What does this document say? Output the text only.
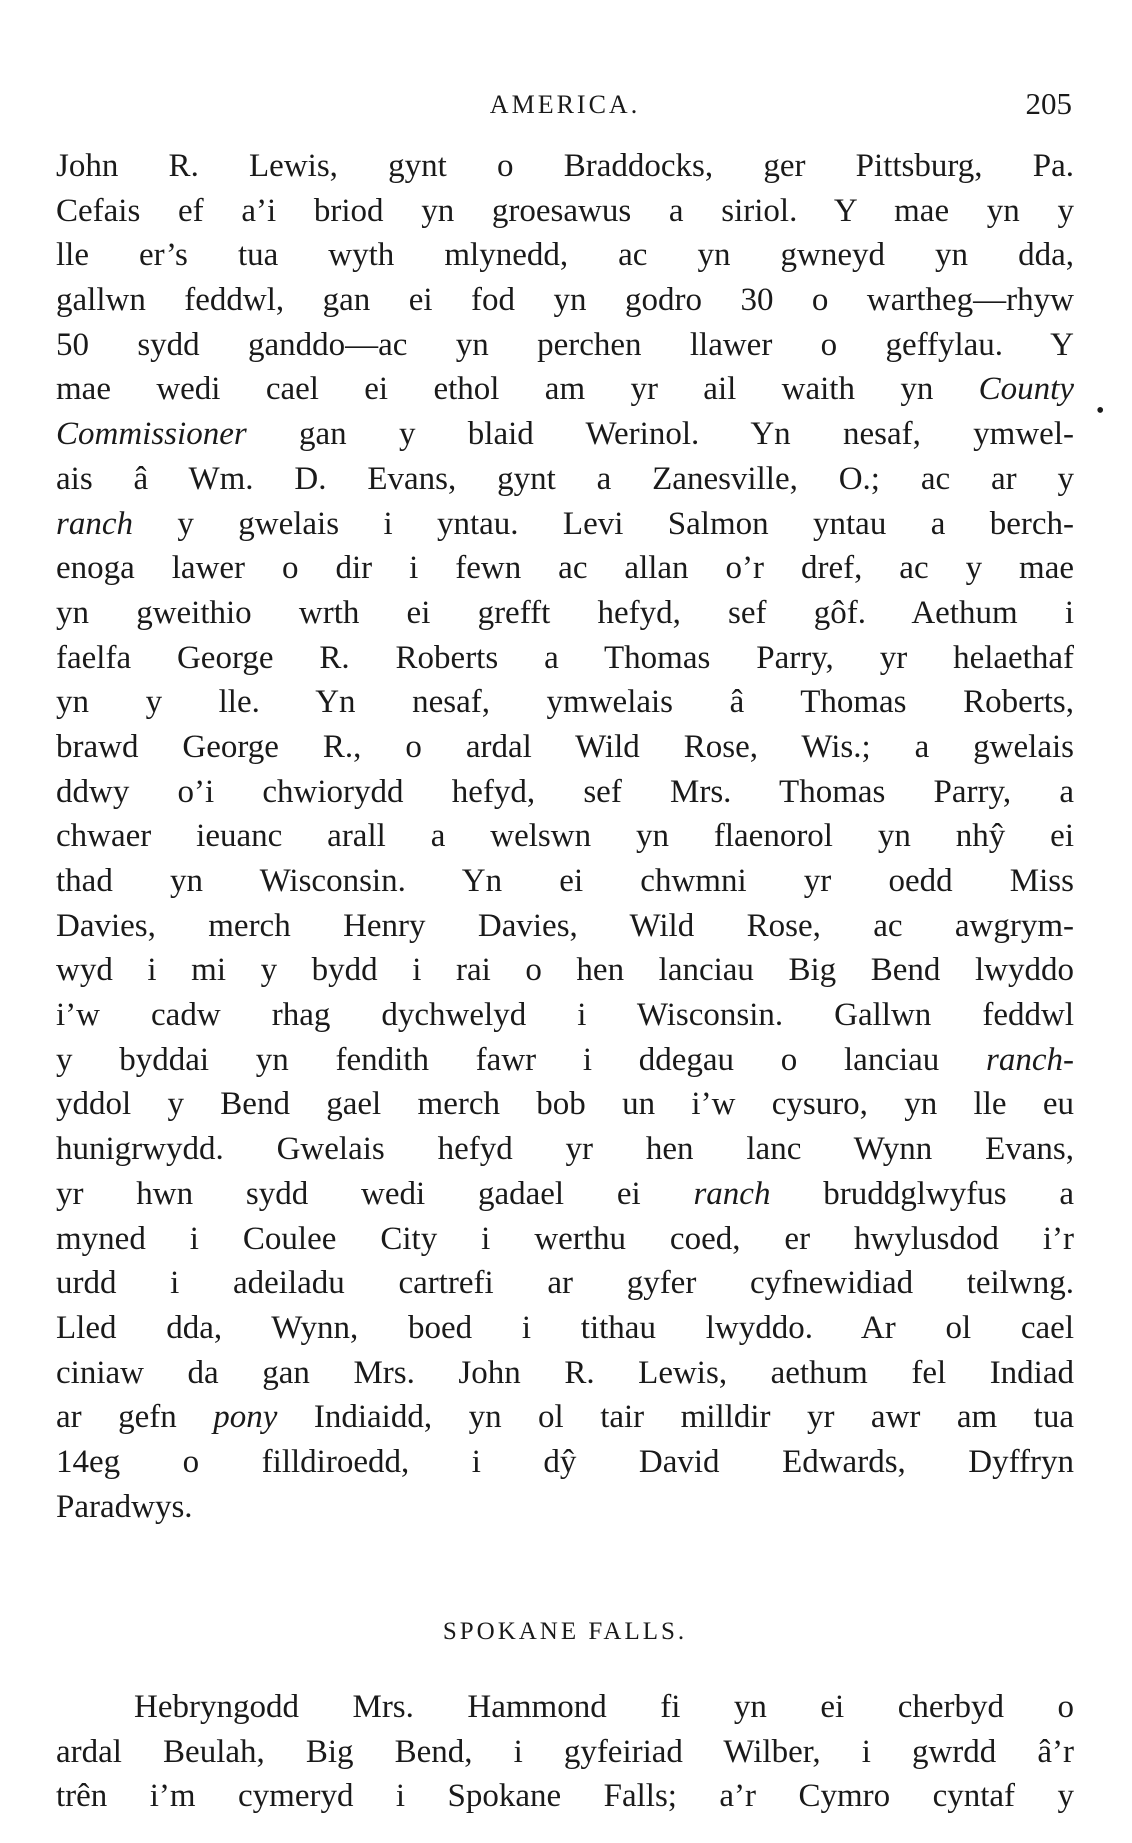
AMERICA.	205
•
John R. Lewis, gynt o Braddocks, ger Pittsburg, Pa.
Cefais ef a’i briod yn groesawus a siriol. Y mae yn y
lle er’s tua wyth mlynedd, ac yn gwneyd yn dda,
gallwn feddwl, gan ei fod yn godro 30 o wartheg—rhyw
50 sydd ganddo—ac yn perchen llawer o geffylau. Y
mae wedi cael ei ethol am yr ail waith yn County
Commissioner gan y blaid Werinol. Yn nesaf, ymwel-
ais â Wm. D. Evans, gynt a Zanesville, O.; ac ar y
ranch y gwelais i yntau. Levi Salmon yntau a berch-
enoga lawer o dir i fewn ac allan o’r dref, ac y mae
yn gweithio wrth ei grefft hefyd, sef gôf. Aethum i
faelfa George R. Roberts a Thomas Parry, yr helaethaf
yn y lle. Yn nesaf, ymwelais â Thomas Roberts,
brawd George R., o ardal Wild Rose, Wis.; a gwelais
ddwy o’i chwiorydd hefyd, sef Mrs. Thomas Parry, a
chwaer ieuanc arall a welswn yn flaenorol yn nhŷ ei
thad yn Wisconsin. Yn ei chwmni yr oedd Miss
Davies, merch Henry Davies, Wild Rose, ac awgrym-
wyd i mi y bydd i rai o hen lanciau Big Bend lwyddo
i’w cadw rhag dychwelyd i Wisconsin. Gallwn feddwl
y byddai yn fendith fawr i ddegau o lanciau ranch-
yddol y Bend gael merch bob un i’w cysuro, yn lle eu
hunigrwydd. Gwelais hefyd yr hen lanc Wynn Evans,
yr hwn sydd wedi gadael ei ranch bruddglwyfus a
myned i Coulee City i werthu coed, er hwylusdod i’r
urdd i adeiladu cartrefi ar gyfer cyfnewidiad teilwng.
Lled dda, Wynn, boed i tithau lwyddo. Ar ol cael
ciniaw da gan Mrs. John R. Lewis, aethum fel Indiad
ar gefn pony Indiaidd, yn ol tair milldir yr awr am tua
14eg o filldiroedd, i dŷ David Edwards, Dyffryn
Paradwys.
SPOKANE FALLS.
Hebryngodd Mrs. Hammond fi yn ei cherbyd o
ardal Beulah, Big Bend, i gyfeiriad Wilber, i gwrdd â’r
trên i’m cymeryd i Spokane Falls; a’r Cymro cyntaf y
